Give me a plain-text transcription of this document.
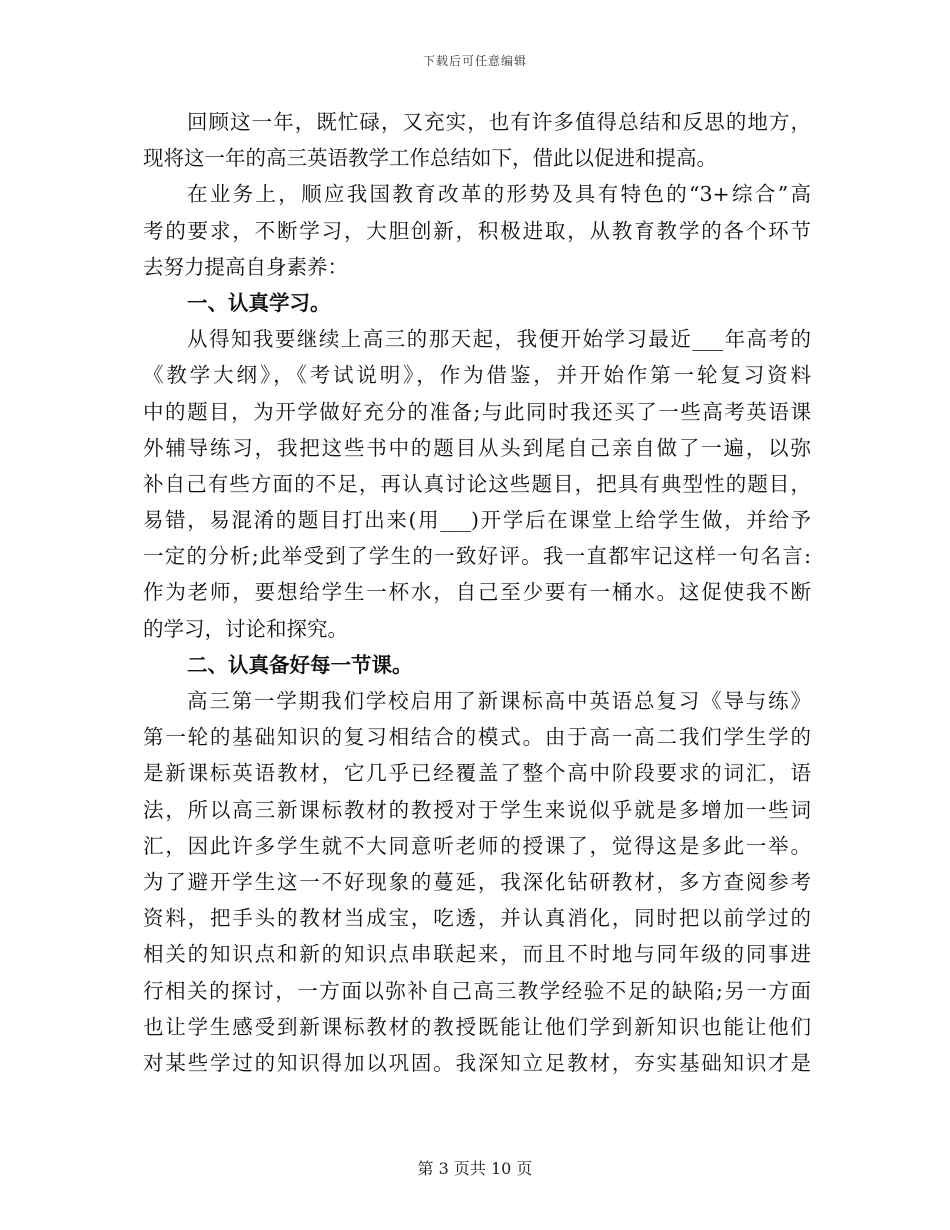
下载后可任意编辑
回顾这一年，既忙碌，又充实，也有许多值得总结和反思的地方，
现将这一年的高三英语教学工作总结如下，借此以促进和提高。
在业务上，顺应我国教育改革的形势及具有特色的“3+综合”高
考的要求，不断学习，大胆创新，积极进取，从教育教学的各个环节
去努力提高自身素养：
一、认真学习。
从得知我要继续上高三的那天起，我便开始学习最近___年高考的
《教学大纲》，《考试说明》，作为借鉴，并开始作第一轮复习资料
中的题目，为开学做好充分的准备;与此同时我还买了一些高考英语课
外辅导练习，我把这些书中的题目从头到尾自己亲自做了一遍，以弥
补自己有些方面的不足，再认真讨论这些题目，把具有典型性的题目，
易错，易混淆的题目打出来(用___)开学后在课堂上给学生做，并给予
一定的分析;此举受到了学生的一致好评。我一直都牢记这样一句名言:
作为老师，要想给学生一杯水，自己至少要有一桶水。这促使我不断
的学习，讨论和探究。
二、认真备好每一节课。
高三第一学期我们学校启用了新课标高中英语总复习《导与练》
第一轮的基础知识的复习相结合的模式。由于高一高二我们学生学的
是新课标英语教材，它几乎已经覆盖了整个高中阶段要求的词汇，语
法，所以高三新课标教材的教授对于学生来说似乎就是多增加一些词
汇，因此许多学生就不大同意听老师的授课了，觉得这是多此一举。
为了避开学生这一不好现象的蔓延，我深化钻研教材，多方查阅参考
资料，把手头的教材当成宝，吃透，并认真消化，同时把以前学过的
相关的知识点和新的知识点串联起来，而且不时地与同年级的同事进
行相关的探讨，一方面以弥补自己高三教学经验不足的缺陷;另一方面
也让学生感受到新课标教材的教授既能让他们学到新知识也能让他们
对某些学过的知识得加以巩固。我深知立足教材，夯实基础知识才是
第 3 页共 10 页
